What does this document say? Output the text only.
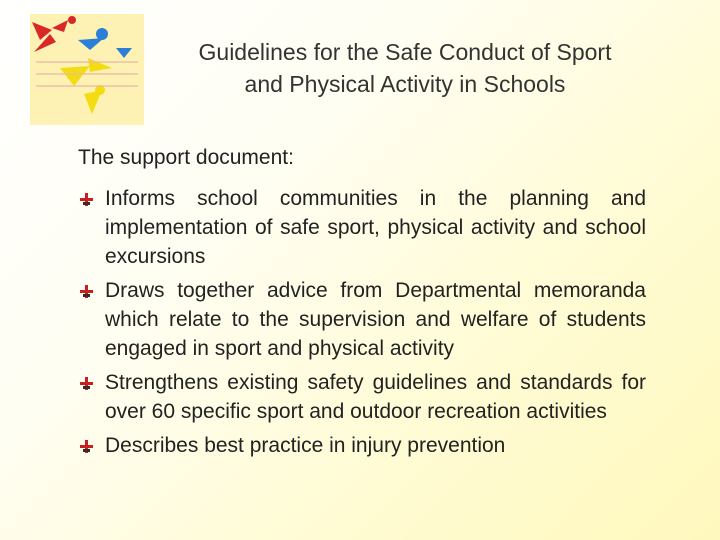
Guidelines for the Safe Conduct of Sport
and Physical Activity in Schools
The support document:
Informs school communities in the planning and implementation of safe sport, physical activity and school excursions
Draws together advice from Departmental memoranda which relate to the supervision and welfare of students engaged in sport and physical activity
Strengthens existing safety guidelines and standards for over 60 specific sport and outdoor recreation activities
Describes best practice in injury prevention
